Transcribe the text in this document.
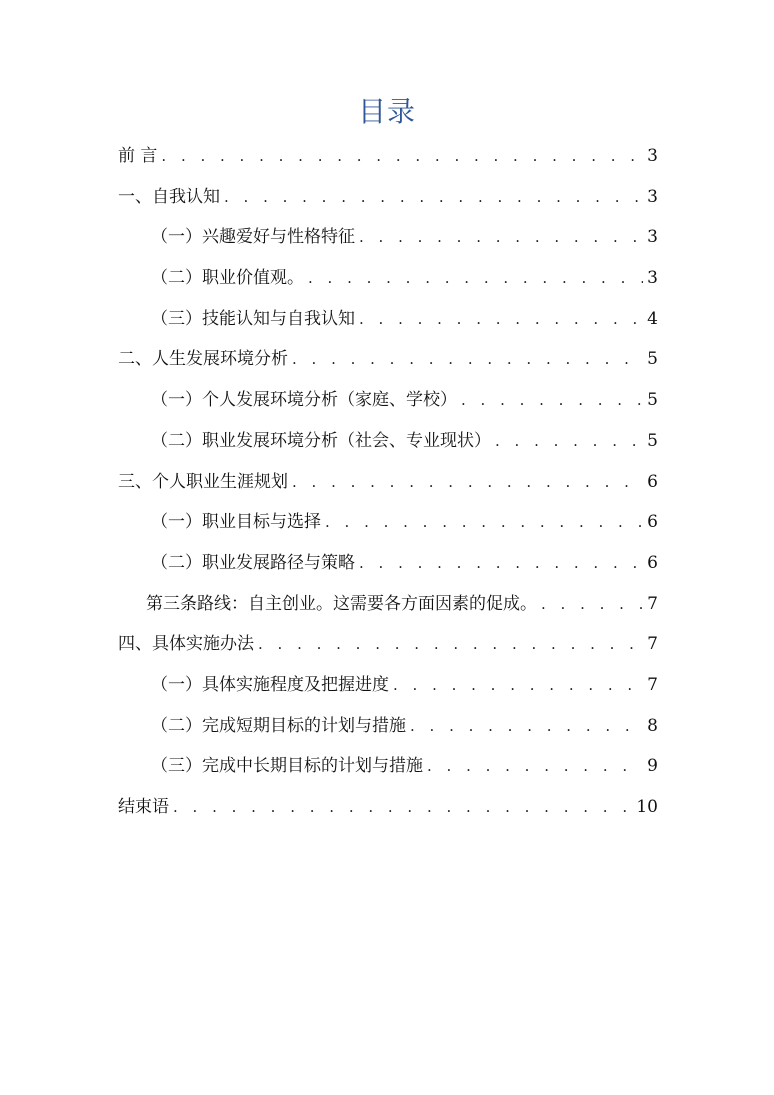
目录
前 言 . . .	3
一、自我认知 . . .	3
（一）兴趣爱好与性格特征 . . .	3
（二）职业价值观。 . . .	3
（三）技能认知与自我认知 . . .	4
二、人生发展环境分析 . . .	5
（一）个人发展环境分析（家庭、学校） . . .	5
（二）职业发展环境分析（社会、专业现状） . . .	5
三、个人职业生涯规划 . . .	6
（一）职业目标与选择 . . .	6
（二）职业发展路径与策略 . . .	6
第三条路线：自主创业。这需要各方面因素的促成。 . . .	7
四、具体实施办法 . . .	7
（一）具体实施程度及把握进度 . . .	7
（二）完成短期目标的计划与措施 . . .	8
（三）完成中长期目标的计划与措施 . . .	9
结束语 . . .	10
